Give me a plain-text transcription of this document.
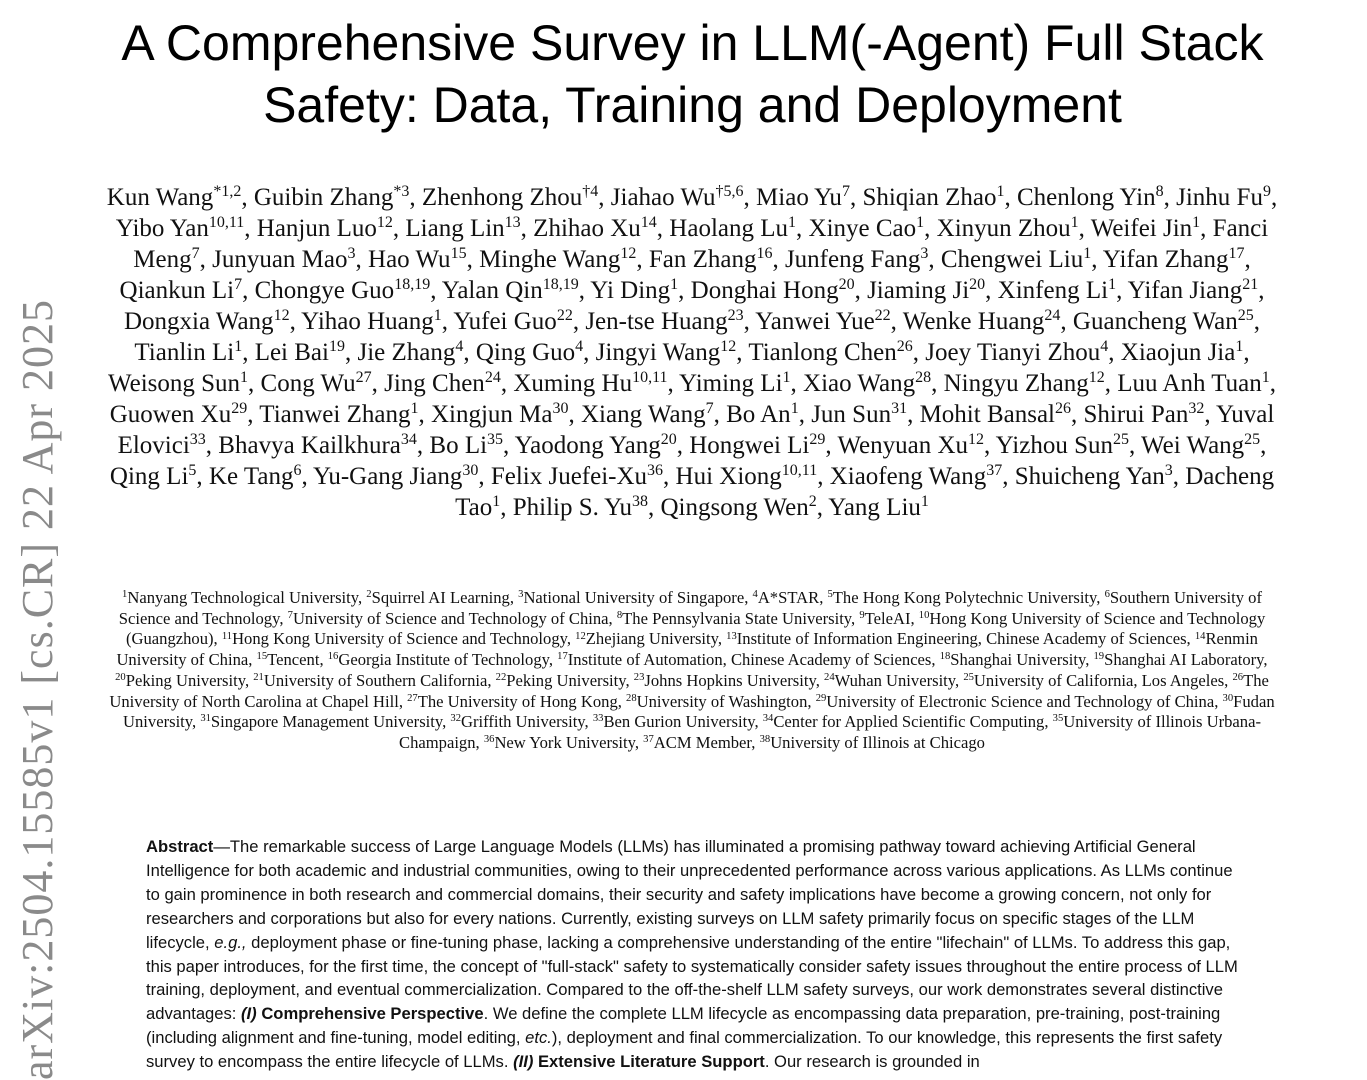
arXiv:2504.15585v1 [cs.CR] 22 Apr 2025
A Comprehensive Survey in LLM(-Agent) Full Stack Safety: Data, Training and Deployment
Kun Wang$^{*1,2}$, Guibin Zhang$^{*3}$, Zhenhong Zhou$^{\dagger 4}$, Jiahao Wu$^{\dagger 5,6}$, Miao Yu$^7$, Shiqian Zhao$^1$, Chenlong Yin$^8$, Jinhu Fu$^9$, Yibo Yan$^{10,11}$, Hanjun Luo$^{12}$, Liang Lin$^{13}$, Zhihao Xu$^{14}$, Haolang Lu$^1$, Xinye Cao$^1$, Xinyun Zhou$^1$, Weifei Jin$^1$, Fanci Meng$^7$, Junyuan Mao$^3$, Hao Wu$^{15}$, Minghe Wang$^{12}$, Fan Zhang$^{16}$, Junfeng Fang$^3$, Chengwei Liu$^1$, Yifan Zhang$^{17}$, Qiankun Li$^7$, Chongye Guo$^{18,19}$, Yalan Qin$^{18,19}$, Yi Ding$^1$, Donghai Hong$^{20}$, Jiaming Ji$^{20}$, Xinfeng Li$^1$, Yifan Jiang$^{21}$, Dongxia Wang$^{12}$, Yihao Huang$^1$, Yufei Guo$^{22}$, Jen-tse Huang$^{23}$, Yanwei Yue$^{22}$, Wenke Huang$^{24}$, Guancheng Wan$^{25}$, Tianlin Li$^1$, Lei Bai$^{19}$, Jie Zhang$^4$, Qing Guo$^4$, Jingyi Wang$^{12}$, Tianlong Chen$^{26}$, Joey Tianyi Zhou$^4$, Xiaojun Jia$^1$, Weisong Sun$^1$, Cong Wu$^{27}$, Jing Chen$^{24}$, Xuming Hu$^{10,11}$, Yiming Li$^1$, Xiao Wang$^{28}$, Ningyu Zhang$^{12}$, Luu Anh Tuan$^1$, Guowen Xu$^{29}$, Tianwei Zhang$^1$, Xingjun Ma$^{30}$, Xiang Wang$^7$, Bo An$^1$, Jun Sun$^{31}$, Mohit Bansal$^{26}$, Shirui Pan$^{32}$, Yuval Elovici$^{33}$, Bhavya Kailkhura$^{34}$, Bo Li$^{35}$, Yaodong Yang$^{20}$, Hongwei Li$^{29}$, Wenyuan Xu$^{12}$, Yizhou Sun$^{25}$, Wei Wang$^{25}$, Qing Li$^5$, Ke Tang$^6$, Yu-Gang Jiang$^{30}$, Felix Juefei-Xu$^{36}$, Hui Xiong$^{10,11}$, Xiaofeng Wang$^{37}$, Shuicheng Yan$^3$, Dacheng Tao$^1$, Philip S. Yu$^{38}$, Qingsong Wen$^2$, Yang Liu$^1$
$^1$Nanyang Technological University, $^2$Squirrel AI Learning, $^3$National University of Singapore, $^4$A*STAR, $^5$The Hong Kong Polytechnic University, $^6$Southern University of Science and Technology, $^7$University of Science and Technology of China, $^8$The Pennsylvania State University, $^9$TeleAI, $^{10}$Hong Kong University of Science and Technology (Guangzhou), $^{11}$Hong Kong University of Science and Technology, $^{12}$Zhejiang University, $^{13}$Institute of Information Engineering, Chinese Academy of Sciences, $^{14}$Renmin University of China, $^{15}$Tencent, $^{16}$Georgia Institute of Technology, $^{17}$Institute of Automation, Chinese Academy of Sciences, $^{18}$Shanghai University, $^{19}$Shanghai AI Laboratory, $^{20}$Peking University, $^{21}$University of Southern California, $^{22}$Peking University, $^{23}$Johns Hopkins University, $^{24}$Wuhan University, $^{25}$University of California, Los Angeles, $^{26}$The University of North Carolina at Chapel Hill, $^{27}$The University of Hong Kong, $^{28}$University of Washington, $^{29}$University of Electronic Science and Technology of China, $^{30}$Fudan University, $^{31}$Singapore Management University, $^{32}$Griffith University, $^{33}$Ben Gurion University, $^{34}$Center for Applied Scientific Computing, $^{35}$University of Illinois Urbana-Champaign, $^{36}$New York University, $^{37}$ACM Member, $^{38}$University of Illinois at Chicago

Abstract—The remarkable success of Large Language Models (LLMs) has illuminated a promising pathway toward achieving Artificial General Intelligence for both academic and industrial communities, owing to their unprecedented performance across various applications. As LLMs continue to gain prominence in both research and commercial domains, their security and safety implications have become a growing concern, not only for researchers and corporations but also for every nations. Currently, existing surveys on LLM safety primarily focus on specific stages of the LLM lifecycle, e.g., deployment phase or fine-tuning phase, lacking a comprehensive understanding of the entire "lifechain" of LLMs. To address this gap, this paper introduces, for the first time, the concept of "full-stack" safety to systematically consider safety issues throughout the entire process of LLM training, deployment, and eventual commercialization. Compared to the off-the-shelf LLM safety surveys, our work demonstrates several distinctive advantages: (I) Comprehensive Perspective. We define the complete LLM lifecycle as encompassing data preparation, pre-training, post-training (including alignment and fine-tuning, model editing, etc.), deployment and final commercialization. To our knowledge, this represents the first safety survey to encompass the entire lifecycle of LLMs. (II) Extensive Literature Support. Our research is grounded in
